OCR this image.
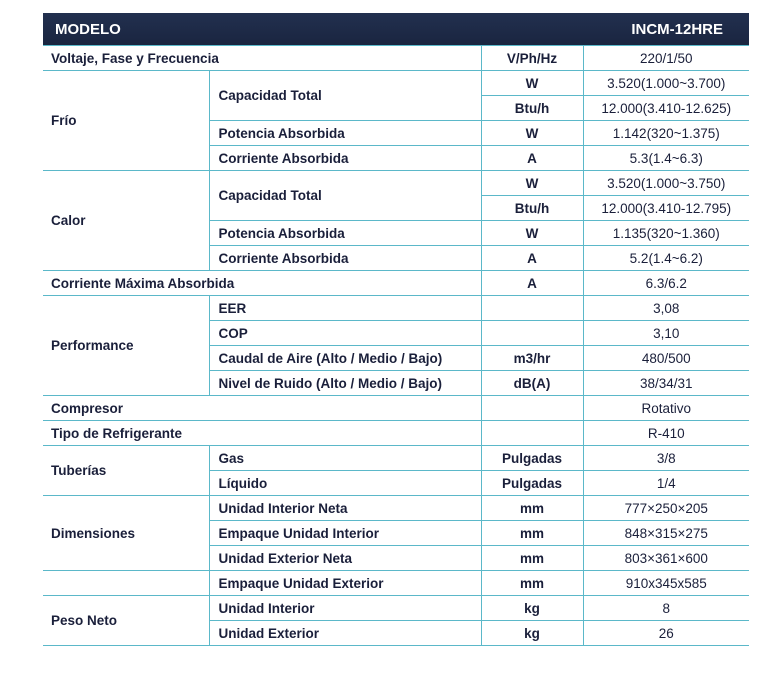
MODELO	INCM-12HRE
Voltaje, Fase y Frecuencia		V/Ph/Hz	220/1/50
Frío	Capacidad Total	W	3.520(1.000~3.700)
		Btu/h	12.000(3.410-12.625)
	Potencia Absorbida	W	1.142(320~1.375)
	Corriente Absorbida	A	5.3(1.4~6.3)
Calor	Capacidad Total	W	3.520(1.000~3.750)
		Btu/h	12.000(3.410-12.795)
	Potencia Absorbida	W	1.135(320~1.360)
	Corriente Absorbida	A	5.2(1.4~6.2)
Corriente Máxima Absorbida		A	6.3/6.2
Performance	EER		3,08
	COP		3,10
	Caudal de Aire (Alto / Medio / Bajo)	m3/hr	480/500
	Nivel de Ruido (Alto / Medio / Bajo)	dB(A)	38/34/31
Compresor			Rotativo
Tipo de Refrigerante			R-410
Tuberías	Gas	Pulgadas	3/8
	Líquido	Pulgadas	1/4
Dimensiones	Unidad Interior Neta	mm	777×250×205
	Empaque Unidad Interior	mm	848×315×275
	Unidad Exterior Neta	mm	803×361×600
	Empaque Unidad Exterior	mm	910x345x585
Peso Neto	Unidad Interior	kg	8
	Unidad Exterior	kg	26
